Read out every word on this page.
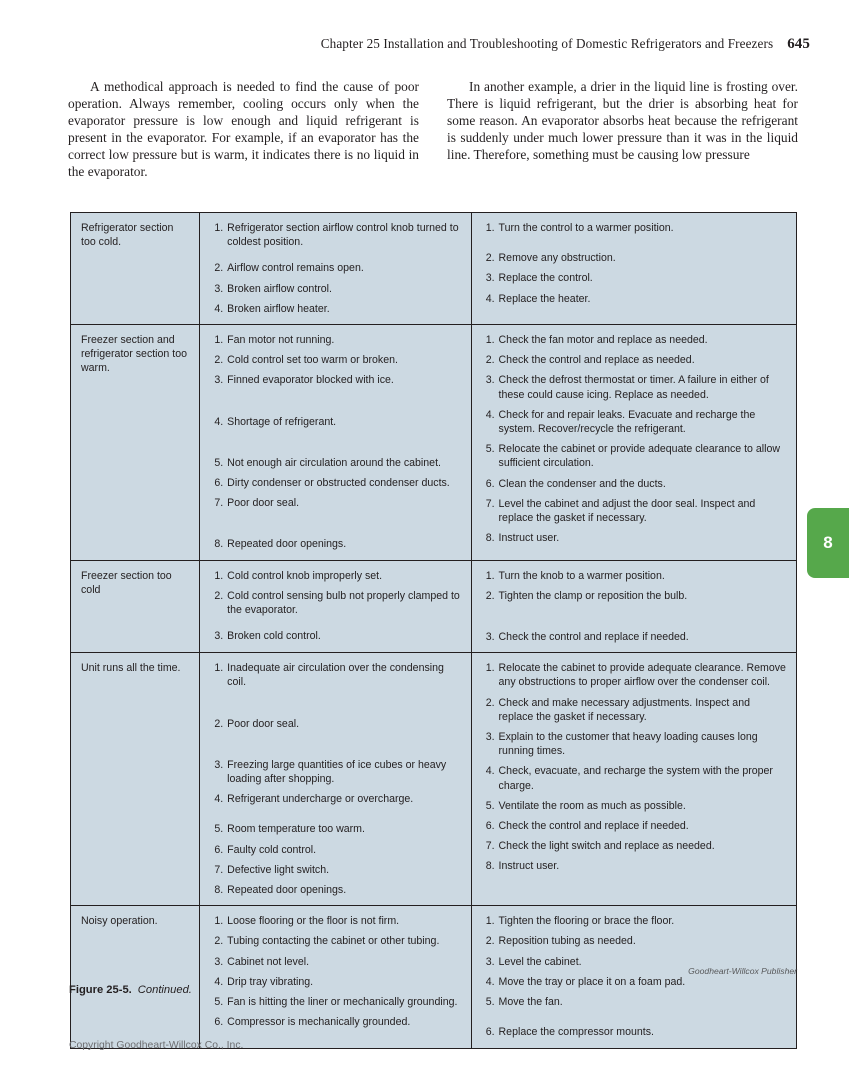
Chapter 25 Installation and Troubleshooting of Domestic Refrigerators and Freezers 645

A methodical approach is needed to find the cause of poor operation. Always remember, cooling occurs only when the evaporator pressure is low enough and liquid refrigerant is present in the evaporator. For example, if an evaporator has the correct low pressure but is warm, it indicates there is no liquid in the evaporator.

In another example, a drier in the liquid line is frosting over. There is liquid refrigerant, but the drier is absorbing heat for some reason. An evaporator absorbs heat because the refrigerant is suddenly under much lower pressure than it was in the liquid line. Therefore, something must be causing low pressure

8
Refrigerator section too cold.

1. Refrigerator section airflow control knob turned to coldest position.
2. Airflow control remains open.
3. Broken airflow control.
4. Broken airflow heater.

1. Turn the control to a warmer position.
2. Remove any obstruction.
3. Replace the control.
4. Replace the heater.

Freezer section and refrigerator section too warm.

1. Fan motor not running.
2. Cold control set too warm or broken.
3. Finned evaporator blocked with ice.
4. Shortage of refrigerant.
5. Not enough air circulation around the cabinet.
6. Dirty condenser or obstructed condenser ducts.
7. Poor door seal.
8. Repeated door openings.

1. Check the fan motor and replace as needed.
2. Check the control and replace as needed.
3. Check the defrost thermostat or timer. A failure in either of these could cause icing. Replace as needed.
4. Check for and repair leaks. Evacuate and recharge the system. Recover/recycle the refrigerant.
5. Relocate the cabinet or provide adequate clearance to allow sufficient circulation.
6. Clean the condenser and the ducts.
7. Level the cabinet and adjust the door seal. Inspect and replace the gasket if necessary.
8. Instruct user.

Freezer section too cold

1. Cold control knob improperly set.
2. Cold control sensing bulb not properly clamped to the evaporator.
3. Broken cold control.

1. Turn the knob to a warmer position.
2. Tighten the clamp or reposition the bulb.
3. Check the control and replace if needed.

Unit runs all the time.	1. Inadequate air circulation over the condensing coil.
2. Poor door seal.
3. Freezing large quantities of ice cubes or heavy loading after shopping.
4. Refrigerant undercharge or overcharge.
5. Room temperature too warm.
6. Faulty cold control.
7. Defective light switch.
8. Repeated door openings.

1. Relocate the cabinet to provide adequate clearance. Remove any obstructions to proper airflow over the condenser coil.
2. Check and make necessary adjustments. Inspect and replace the gasket if necessary.
3. Explain to the customer that heavy loading causes long running times.
4. Check, evacuate, and recharge the system with the proper charge.
5. Ventilate the room as much as possible.
6. Check the control and replace if needed.
7. Check the light switch and replace as needed.
8. Instruct user.

Noisy operation.	1. Loose flooring or the floor is not firm.
2. Tubing contacting the cabinet or other tubing.
3. Cabinet not level.
4. Drip tray vibrating.
5. Fan is hitting the liner or mechanically grounding.
6. Compressor is mechanically grounded.

1. Tighten the flooring or brace the floor.
2. Reposition tubing as needed.
3. Level the cabinet.
4. Move the tray or place it on a foam pad.
5. Move the fan.
6. Replace the compressor mounts.
Goodheart-Willcox Publisher
Figure 25-5. Continued.
Copyright Goodheart-Willcox Co., Inc.
